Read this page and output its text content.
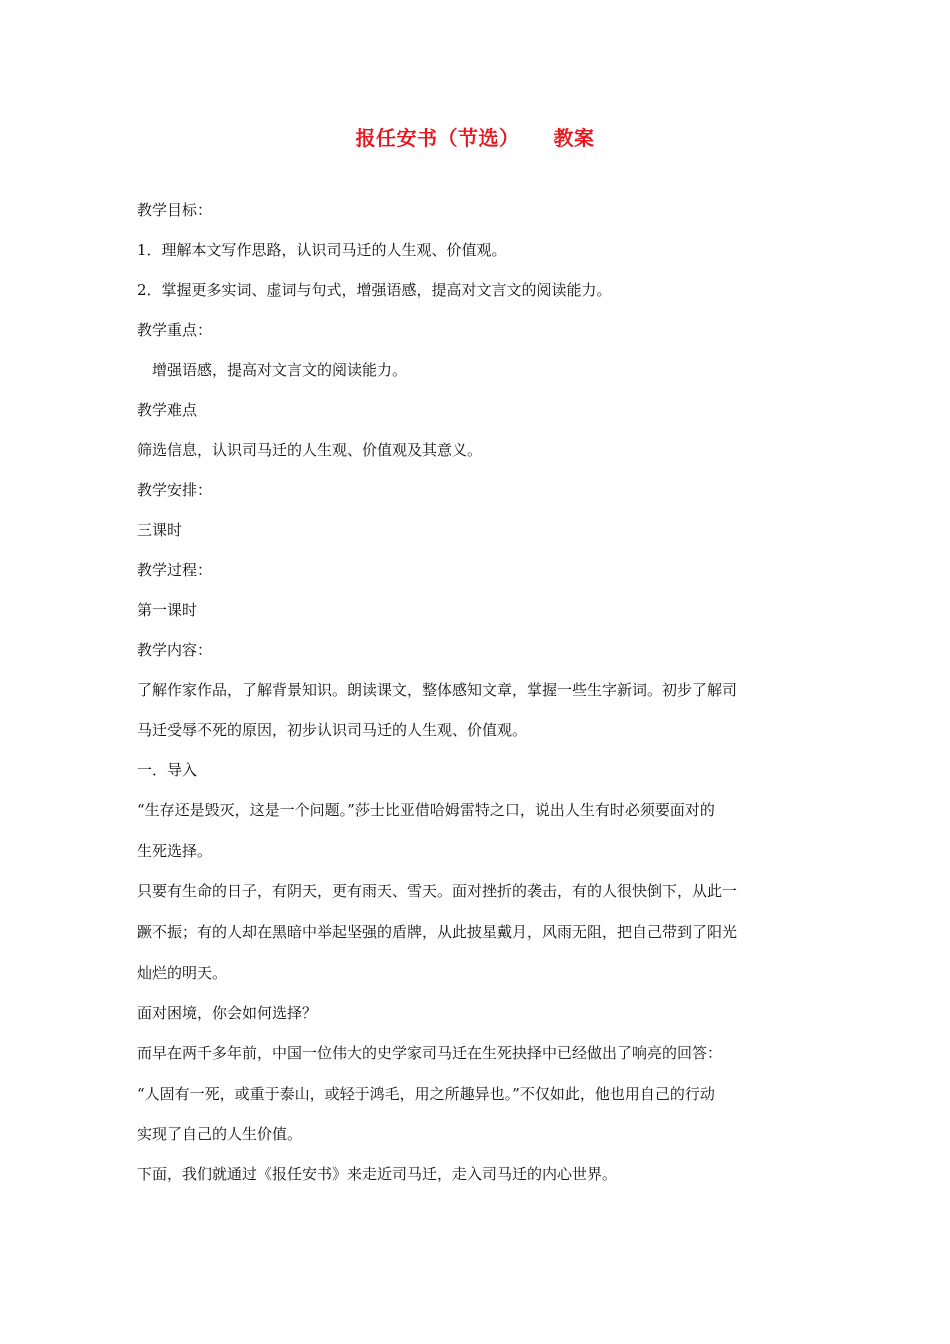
报任安书（节选） 教案

教学目标：

1．理解本文写作思路，认识司马迁的人生观、价值观。

2．掌握更多实词、虚词与句式，增强语感，提高对文言文的阅读能力。

教学重点：

　增强语感，提高对文言文的阅读能力。

教学难点

筛选信息，认识司马迁的人生观、价值观及其意义。

教学安排：

三课时

教学过程：

第一课时

教学内容：

了解作家作品，了解背景知识。朗读课文，整体感知文章，掌握一些生字新词。初步了解司

马迁受辱不死的原因，初步认识司马迁的人生观、价值观。

一．导入

“生存还是毁灭，这是一个问题。”莎士比亚借哈姆雷特之口，说出人生有时必须要面对的

生死选择。

只要有生命的日子，有阴天，更有雨天、雪天。面对挫折的袭击，有的人很快倒下，从此一

蹶不振；有的人却在黑暗中举起坚强的盾牌，从此披星戴月，风雨无阻，把自己带到了阳光

灿烂的明天。

面对困境，你会如何选择？

而早在两千多年前，中国一位伟大的史学家司马迁在生死抉择中已经做出了响亮的回答：

“人固有一死，或重于泰山，或轻于鸿毛，用之所趣异也。”不仅如此，他也用自己的行动

实现了自己的人生价值。

下面，我们就通过《报任安书》来走近司马迁，走入司马迁的内心世界。
